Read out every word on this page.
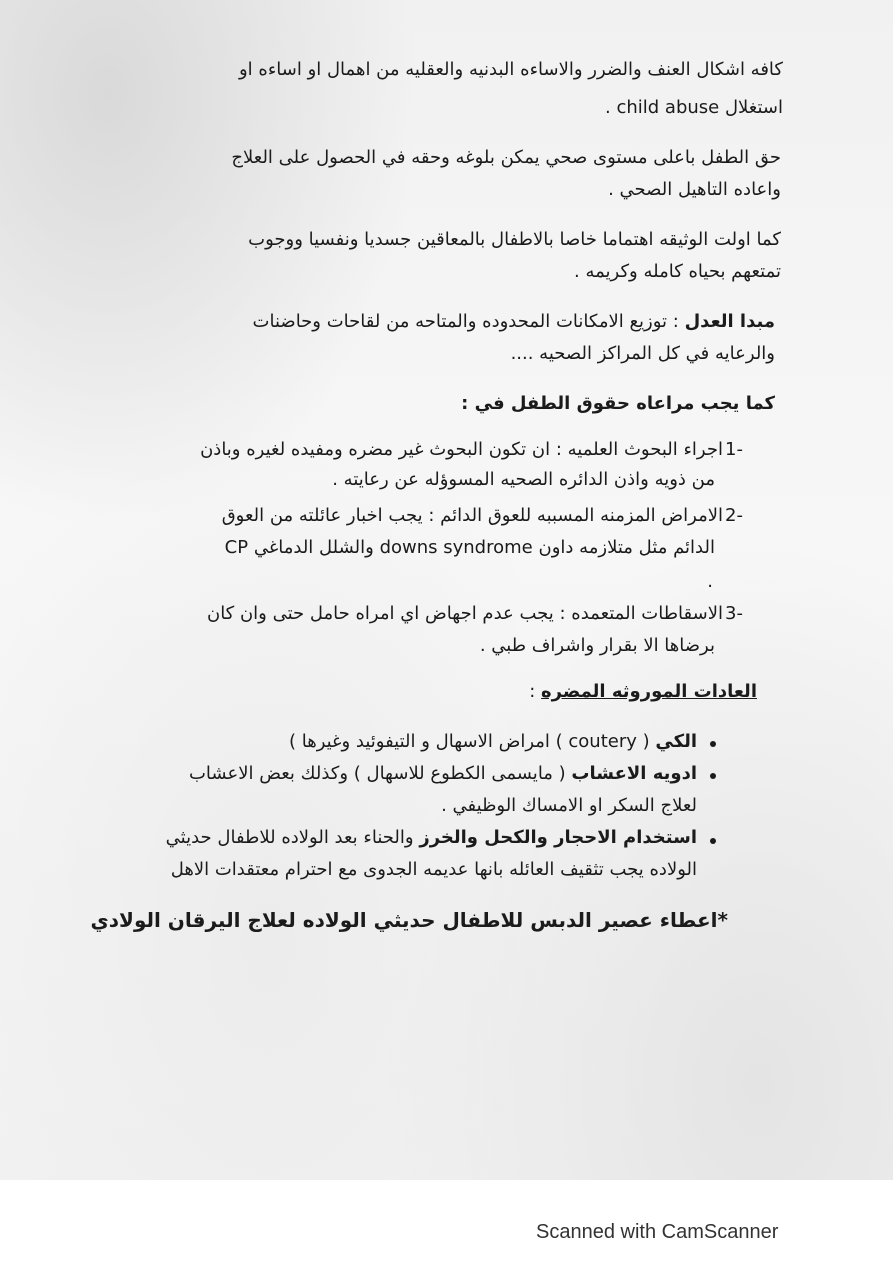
كافه اشكال العنف والضرر والاساءه البدنيه والعقليه من اهمال او اساءه او
استغلال child abuse .
حق الطفل باعلى مستوى صحي يمكن بلوغه وحقه في الحصول على العلاج
واعاده التاهيل الصحي .
كما اولت الوثيقه اهتماما خاصا بالاطفال بالمعاقين جسديا ونفسيا ووجوب
تمتعهم بحياه كامله وكريمه .
مبدا العدل : توزيع الامكانات المحدوده والمتاحه من لقاحات وحاضنات
والرعايه في كل المراكز الصحيه ....
كما يجب مراعاه حقوق الطفل في :
1-
اجراء البحوث العلميه : ان تكون البحوث غير مضره ومفيده لغيره وباذن
من ذويه واذن الدائره الصحيه المسوؤله عن رعايته .
2-
الامراض المزمنه المسببه للعوق الدائم : يجب اخبار عائلته من العوق
الدائم مثل متلازمه داون downs syndrome والشلل الدماغي CP
.
3-
الاسقاطات المتعمده : يجب عدم اجهاض اي امراه حامل حتى وان كان
برضاها الا بقرار واشراف طبي .
العادات الموروثه المضره :
الكي ( coutery ) امراض الاسهال و التيفوئيد وغيرها )
ادويه الاعشاب ( مايسمى الكطوع للاسهال ) وكذلك بعض الاعشاب
لعلاج السكر او الامساك الوظيفي .
استخدام الاحجار والكحل والخرز والحناء بعد الولاده للاطفال حديثي
الولاده يجب تثقيف العائله بانها عديمه الجدوى مع احترام معتقدات الاهل
*اعطاء عصير الدبس للاطفال حديثي الولاده لعلاج اليرقان الولادي
Scanned with CamScanner
